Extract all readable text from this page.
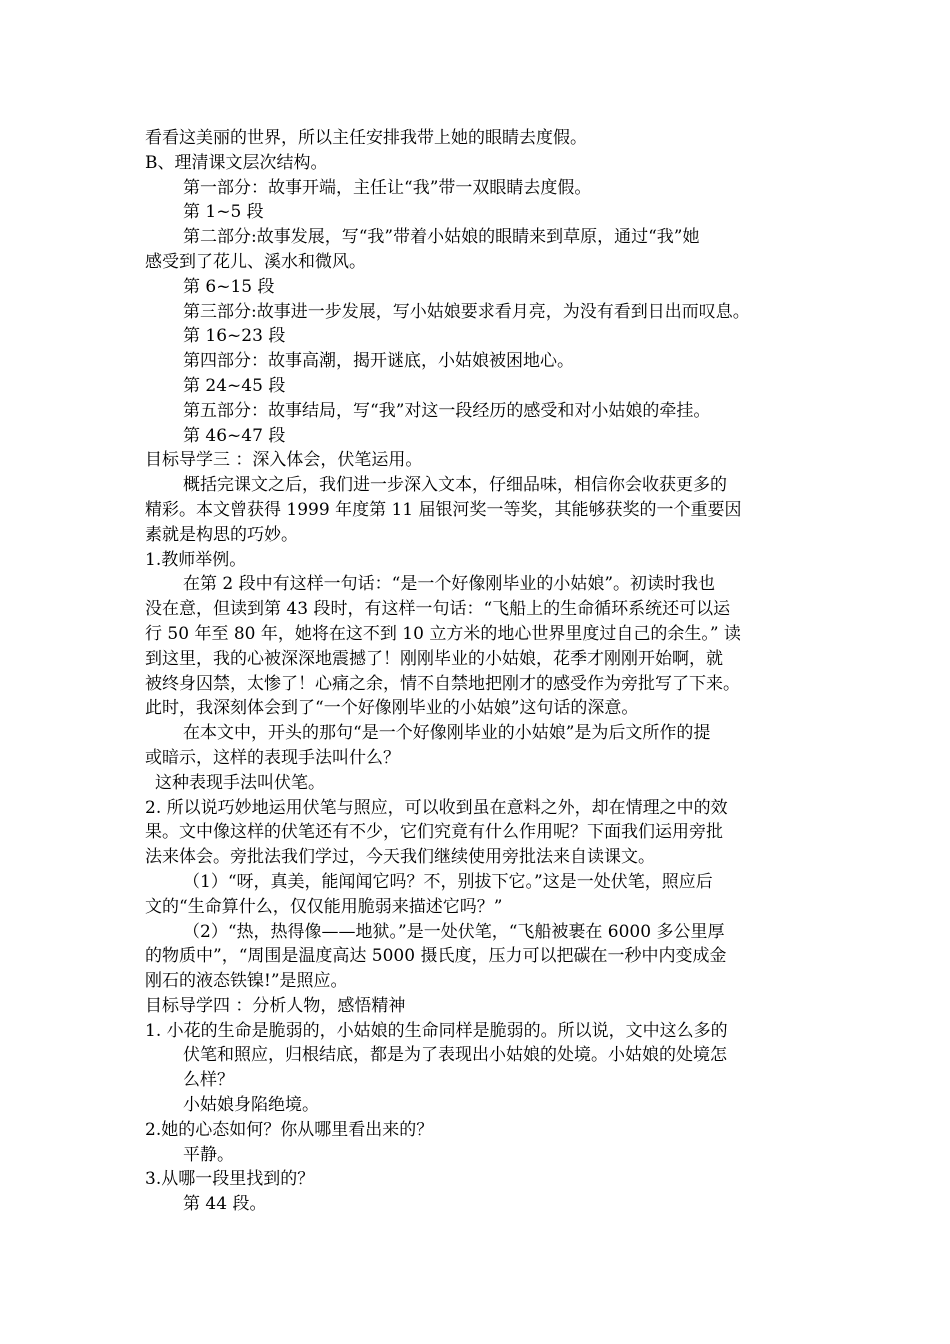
看看这美丽的世界，所以主任安排我带上她的眼睛去度假。
B、理清课文层次结构。
第一部分：故事开端，主任让“我”带一双眼睛去度假。
第 1~5 段
第二部分:故事发展，写“我”带着小姑娘的眼睛来到草原，通过“我”她
感受到了花儿、溪水和微风。
第 6~15 段
第三部分:故事进一步发展，写小姑娘要求看月亮，为没有看到日出而叹息。
第 16~23 段
第四部分：故事高潮，揭开谜底，小姑娘被困地心。
第 24~45 段
第五部分：故事结局，写“我”对这一段经历的感受和对小姑娘的牵挂。
第 46~47 段
目标导学三 ：深入体会，伏笔运用。
概括完课文之后，我们进一步深入文本，仔细品味，相信你会收获更多的
精彩。本文曾获得 1999 年度第 11 届银河奖一等奖，其能够获奖的一个重要因
素就是构思的巧妙。
1.教师举例。
在第 2 段中有这样一句话：“是一个好像刚毕业的小姑娘”。初读时我也
没在意，但读到第 43 段时，有这样一句话：“飞船上的生命循环系统还可以运
行 50 年至 80 年，她将在这不到 10 立方米的地心世界里度过自己的余生。” 读
到这里，我的心被深深地震撼了！刚刚毕业的小姑娘，花季才刚刚开始啊，就
被终身囚禁，太惨了！心痛之余，情不自禁地把刚才的感受作为旁批写了下来。
此时，我深刻体会到了“一个好像刚毕业的小姑娘”这句话的深意。
在本文中，开头的那句“是一个好像刚毕业的小姑娘”是为后文所作的提
或暗示，这样的表现手法叫什么？
这种表现手法叫伏笔。
2. 所以说巧妙地运用伏笔与照应，可以收到虽在意料之外，却在情理之中的效
果。文中像这样的伏笔还有不少，它们究竟有什么作用呢？下面我们运用旁批
法来体会。旁批法我们学过，今天我们继续使用旁批法来自读课文。
（1）“呀，真美，能闻闻它吗？不，别拔下它。”这是一处伏笔，照应后
文的“生命算什么，仅仅能用脆弱来描述它吗？”
（2）“热，热得像——地狱。”是一处伏笔，“飞船被裹在 6000 多公里厚
的物质中”，“周围是温度高达 5000 摄氏度，压力可以把碳在一秒中内变成金
刚石的液态铁镍!”是照应。
目标导学四 ：分析人物，感悟精神
1. 小花的生命是脆弱的，小姑娘的生命同样是脆弱的。所以说，文中这么多的
伏笔和照应，归根结底，都是为了表现出小姑娘的处境。小姑娘的处境怎
么样？
小姑娘身陷绝境。
2.她的心态如何？你从哪里看出来的？
平静。
3.从哪一段里找到的？
第 44 段。
